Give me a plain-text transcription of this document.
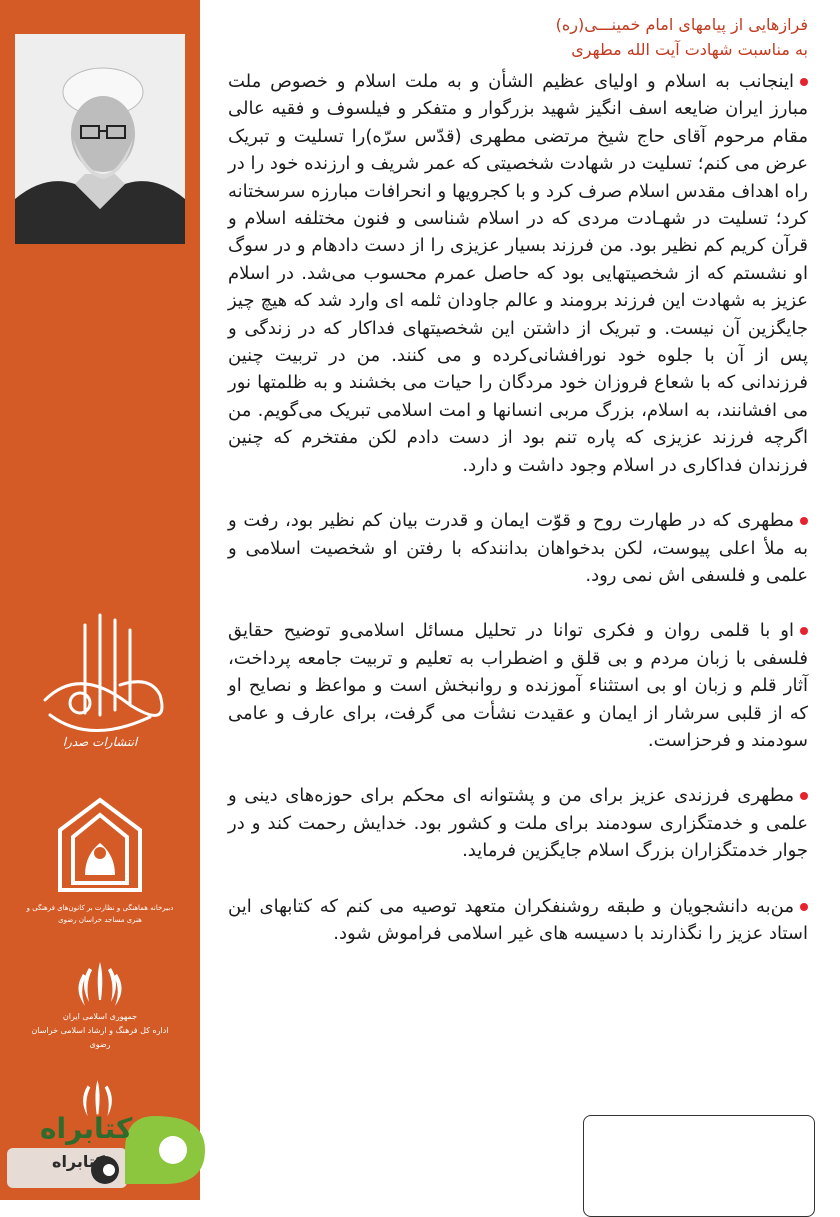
انتشارات صدرا
دبیرخانه هماهنگی و نظارت بر کانون‌های فرهنگی و هنری مساجد خراسان رضوی
جمهوری اسلامی ایران
اداره کل فرهنگ و ارشاد اسلامی خراسان رضوی

فرازهایی از پیامهای امام خمینـــی(ره)

به مناسبت شهادت آیت الله مطهری

اینجانب به اسلام و اولیای عظیم الشأن و به ملت اسلام و خصوص ملت مبارز ایران ضایعه اسف انگیز شهید بزرگوار و متفکر و فیلسوف و فقیه عالی مقام مرحوم آقای حاج شیخ مرتضی مطهری (قدّس سرّه)را تسلیت و تبریک عرض می کنم؛ تسلیت در شهادت شخصیتی که عمر شریف و ارزنده خود را در راه اهداف مقدس اسلام صرف کرد و با کجرویها و انحرافات مبارزه سرسختانه کرد؛ تسلیت در شهـادت مردی که در اسلام شناسی و فنون مختلفه اسلام و قرآن کریم کم نظیر بود. من فرزند بسیار عزیزی را از دست دادهام و در سوگ او نشستم که از شخصیتهایی بود که حاصل عمرم محسوب می‌شد. در اسلام عزیز به شهادت این فرزند برومند و عالم جاودان ثلمه ای وارد شد که هیچ چیز جایگزین آن نیست. و تبریک از داشتن این شخصیتهای فداکار که در زندگی و پس از آن با جلوه خود نورافشانی‌کرده و می کنند. من در تربیت چنین فرزندانی که با شعاع فروزان خود مردگان را حیات می بخشند و به ظلمتها نور می افشانند، به اسلام، بزرگ مربی انسانها و امت اسلامی تبریک می‌گویم. من اگرچه فرزند عزیزی که پاره تنم بود از دست دادم لکن مفتخرم که چنین فرزندان فداکاری در اسلام وجود داشت و دارد.

مطهری که در طهارت روح و قوّت ایمان و قدرت بیان کم نظیر بود، رفت و به ملأ اعلی پیوست، لکن بدخواهان بدانندکه با رفتن او شخصیت اسلامی و علمی و فلسفی اش نمی رود.

او با قلمی روان و فکری توانا در تحلیل مسائل اسلامی‌و توضیح حقایق فلسفی با زبان مردم و بی قلق و اضطراب به تعلیم و تربیت جامعه پرداخت، آثار قلم و زبان او بی استثناء آموزنده و روانبخش است و مواعظ و نصایح او که از قلبی سرشار از ایمان و عقیدت نشأت می گرفت، برای عارف و عامی سودمند و فرحزاست.

مطهری فرزندی عزیز برای من و پشتوانه ای محکم برای حوزه‌های دینی و علمی و خدمتگزاری سودمند برای ملت و کشور بود. خدایش رحمت کند و در جوار خدمتگزاران بزرگ اسلام جایگزین فرماید.

من‌به دانشجویان و طبقه روشنفکران متعهد توصیه می کنم که کتابهای این استاد عزیز را نگذارند با دسیسه های غیر اسلامی فراموش شود.

کتابراه
کتابراه
